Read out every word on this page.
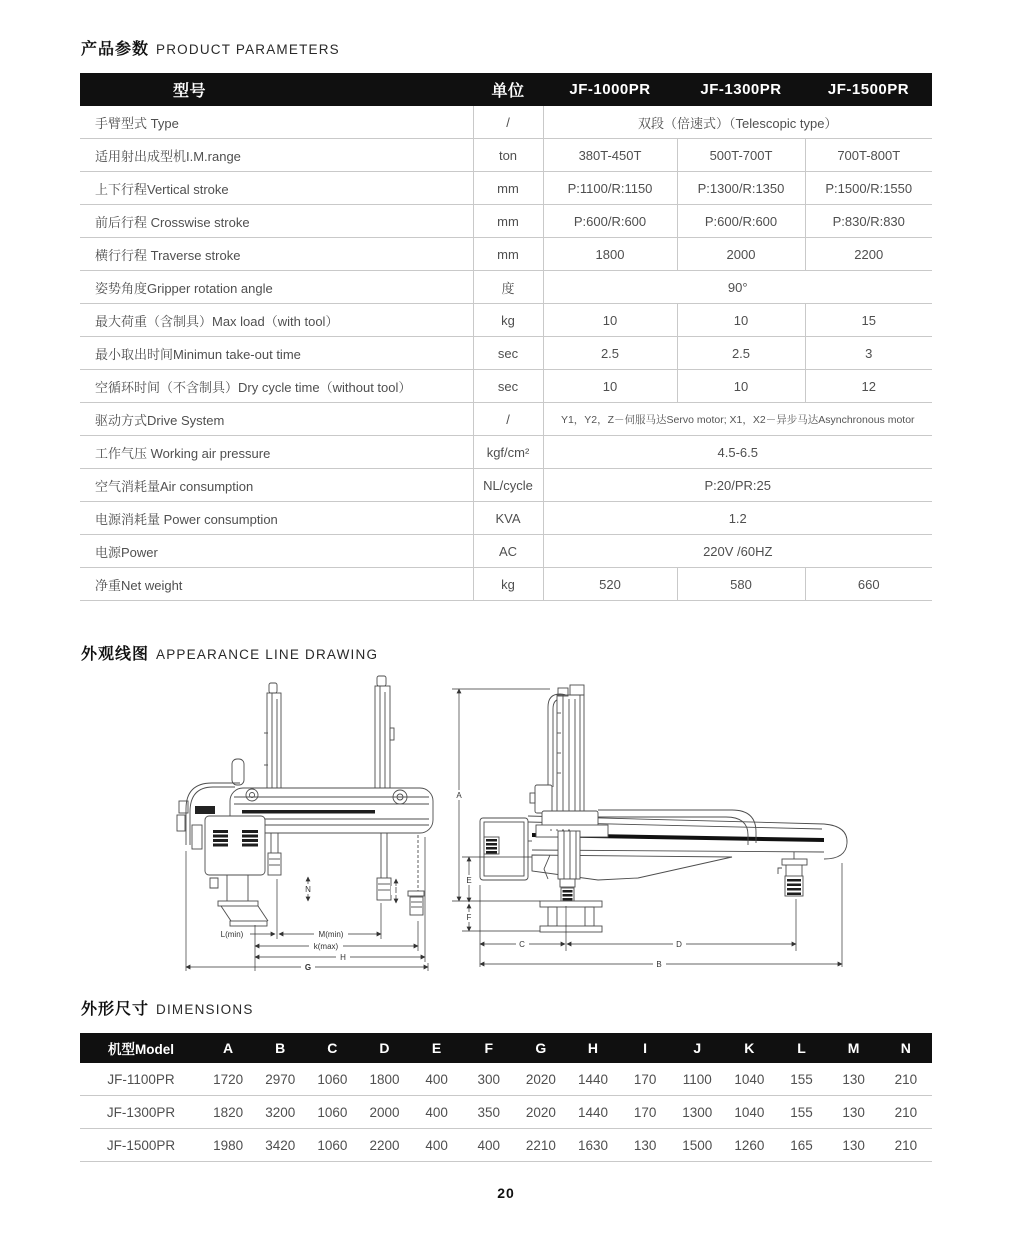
产品参数 PRODUCT PARAMETERS
型号	单位	JF-1000PR	JF-1300PR	JF-1500PR
手臂型式 Type	/	双段（倍速式）（Telescopic type）		
适用射出成型机I.M.range	ton	380T-450T	500T-700T	700T-800T
上下行程Vertical stroke	mm	P:1100/R:1150	P:1300/R:1350	P:1500/R:1550
前后行程 Crosswise stroke	mm	P:600/R:600	P:600/R:600	P:830/R:830
横行行程 Traverse stroke	mm	1800	2000	2200
姿势角度Gripper rotation angle	度	90°		
最大荷重（含制具）Max load（with tool）	kg	10	10	15
最小取出时间Minimun take-out time	sec	2.5	2.5	3
空循环时间（不含制具）Dry cycle time（without tool）	sec	10	10	12
驱动方式Drive System	/	Y1，Y2，Z－伺服马达Servo motor; X1，X2－异步马达Asynchronous motor		
工作气压 Working air pressure	kgf/cm²	4.5-6.5		
空气消耗量Air consumption	NL/cycle	P:20/PR:25		
电源消耗量 Power consumption	KVA	1.2		
电源Power	AC	220V /60HZ		
净重Net weight	kg	520	580	660
外观线图 APPEARANCE LINE DRAWING
N	I
L(min)	M(min)
k(max)
H
G
A
E
F
C	D
B
外形尺寸 DIMENSIONS
机型Model	A	B	C	D	E	F	G	H	I	J	K	L	M	N
JF-1100PR	1720	2970	1060	1800	400	300	2020	1440	170	1100	1040	155	130	210
JF-1300PR	1820	3200	1060	2000	400	350	2020	1440	170	1300	1040	155	130	210
JF-1500PR	1980	3420	1060	2200	400	400	2210	1630	130	1500	1260	165	130	210
20
